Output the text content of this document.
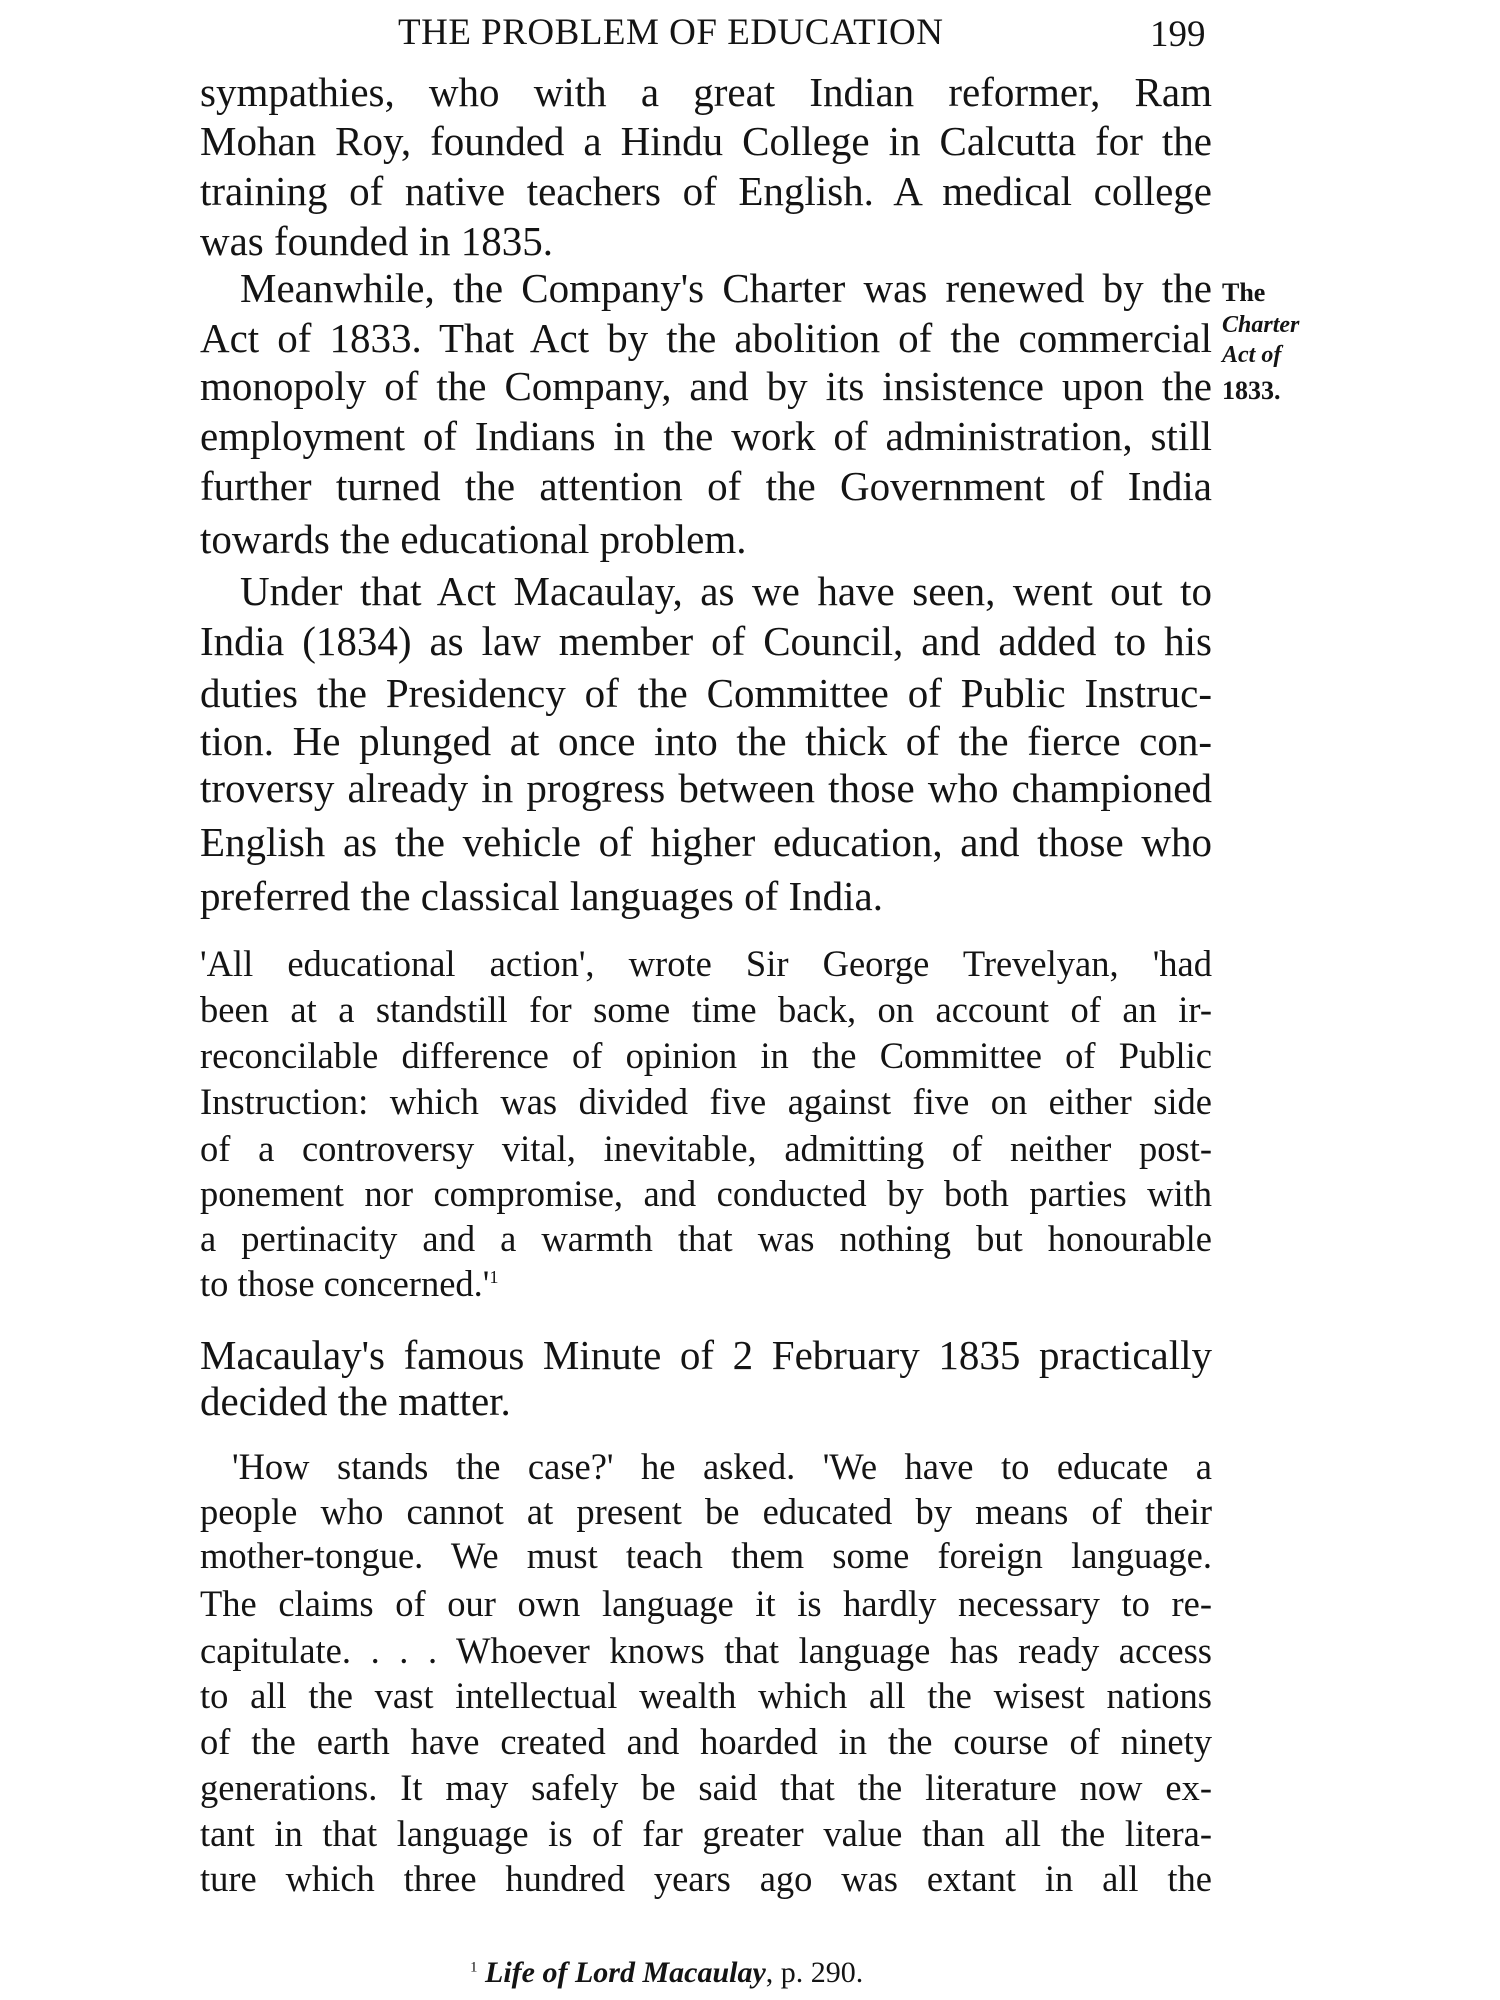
THE PROBLEM OF EDUCATION	199
sympathies, who with a great Indian reformer, Ram
Mohan Roy, founded a Hindu College in Calcutta for the
training of native teachers of English. A medical college
was founded in 1835.
Meanwhile, the Company's Charter was renewed by the
Act of 1833. That Act by the abolition of the commercial
monopoly of the Company, and by its insistence upon the
employment of Indians in the work of administration, still
further turned the attention of the Government of India
towards the educational problem.
The
Charter
Act of
1833.
Under that Act Macaulay, as we have seen, went out to
India (1834) as law member of Council, and added to his
duties the Presidency of the Committee of Public Instruc-
tion. He plunged at once into the thick of the fierce con-
troversy already in progress between those who championed
English as the vehicle of higher education, and those who
preferred the classical languages of India.
'All educational action', wrote Sir George Trevelyan, 'had
been at a standstill for some time back, on account of an ir-
reconcilable difference of opinion in the Committee of Public
Instruction: which was divided five against five on either side
of a controversy vital, inevitable, admitting of neither post-
ponement nor compromise, and conducted by both parties with
a pertinacity and a warmth that was nothing but honourable
to those $concerned.'^1$
Macaulay's famous Minute of 2 February 1835 practically
decided the matter.
'How stands the case?' he asked. 'We have to educate a
people who cannot at present be educated by means of their
mother-tongue. We must teach them some foreign language.
The claims of our own language it is hardly necessary to re-
capitulate. . . . Whoever knows that language has ready access
to all the vast intellectual wealth which all the wisest nations
of the earth have created and hoarded in the course of ninety
generations. It may safely be said that the literature now ex-
tant in that language is of far greater value than all the litera-
ture which three hundred years ago was extant in all the
$^1$ Life of Lord Macaulay, p. 290.
